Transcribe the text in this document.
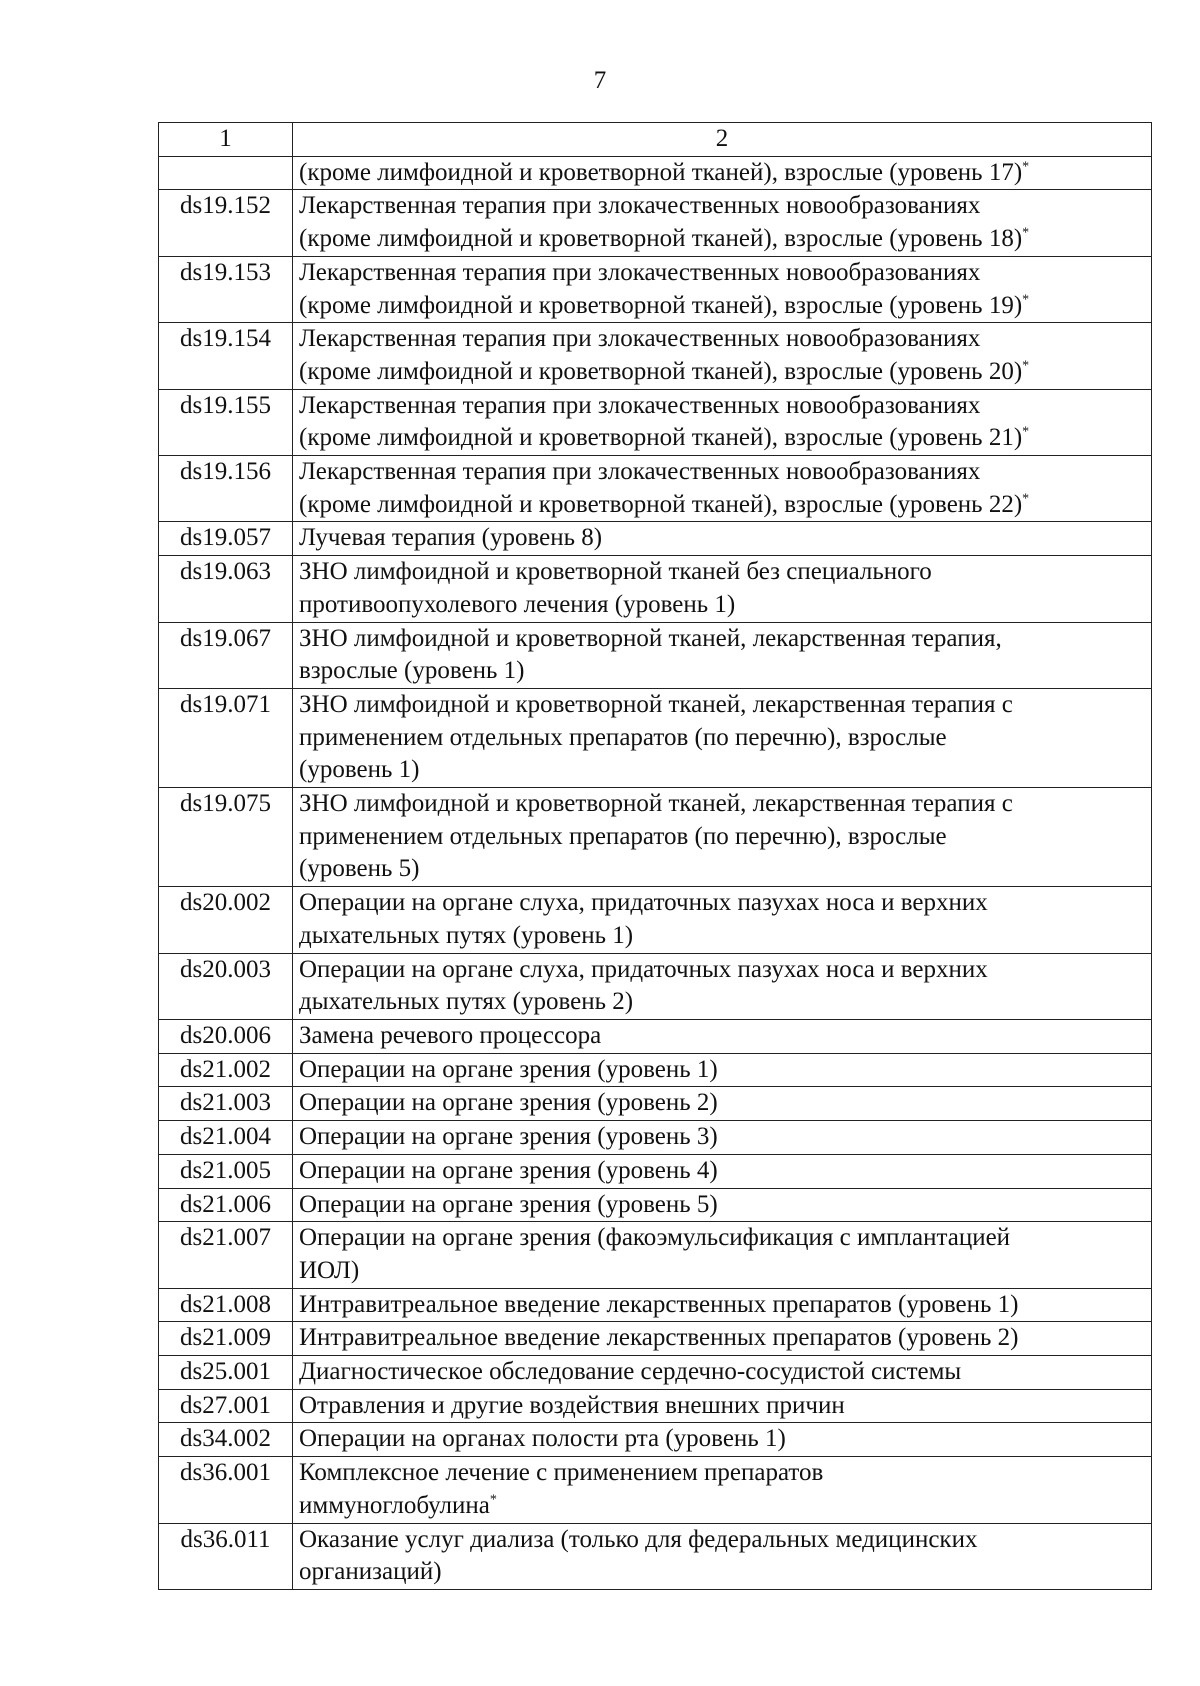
7
1	2
	(кроме лимфоидной и кроветворной тканей), взрослые (уровень 17)*
ds19.152	Лекарственная терапия при злокачественных новообразованиях
(кроме лимфоидной и кроветворной тканей), взрослые (уровень 18)*
ds19.153	Лекарственная терапия при злокачественных новообразованиях
(кроме лимфоидной и кроветворной тканей), взрослые (уровень 19)*
ds19.154	Лекарственная терапия при злокачественных новообразованиях
(кроме лимфоидной и кроветворной тканей), взрослые (уровень 20)*
ds19.155	Лекарственная терапия при злокачественных новообразованиях
(кроме лимфоидной и кроветворной тканей), взрослые (уровень 21)*
ds19.156	Лекарственная терапия при злокачественных новообразованиях
(кроме лимфоидной и кроветворной тканей), взрослые (уровень 22)*
ds19.057	Лучевая терапия (уровень 8)
ds19.063	ЗНО лимфоидной и кроветворной тканей без специального
противоопухолевого лечения (уровень 1)
ds19.067	ЗНО лимфоидной и кроветворной тканей, лекарственная терапия,
взрослые (уровень 1)
ds19.071	ЗНО лимфоидной и кроветворной тканей, лекарственная терапия с
применением отдельных препаратов (по перечню), взрослые
(уровень 1)
ds19.075	ЗНО лимфоидной и кроветворной тканей, лекарственная терапия с
применением отдельных препаратов (по перечню), взрослые
(уровень 5)
ds20.002	Операции на органе слуха, придаточных пазухах носа и верхних
дыхательных путях (уровень 1)
ds20.003	Операции на органе слуха, придаточных пазухах носа и верхних
дыхательных путях (уровень 2)
ds20.006	Замена речевого процессора
ds21.002	Операции на органе зрения (уровень 1)
ds21.003	Операции на органе зрения (уровень 2)
ds21.004	Операции на органе зрения (уровень 3)
ds21.005	Операции на органе зрения (уровень 4)
ds21.006	Операции на органе зрения (уровень 5)
ds21.007	Операции на органе зрения (факоэмульсификация с имплантацией
ИОЛ)
ds21.008	Интравитреальное введение лекарственных препаратов (уровень 1)
ds21.009	Интравитреальное введение лекарственных препаратов (уровень 2)
ds25.001	Диагностическое обследование сердечно-сосудистой системы
ds27.001	Отравления и другие воздействия внешних причин
ds34.002	Операции на органах полости рта (уровень 1)
ds36.001	Комплексное лечение с применением препаратов
иммуноглобулина*
ds36.011	Оказание услуг диализа (только для федеральных медицинских
организаций)
